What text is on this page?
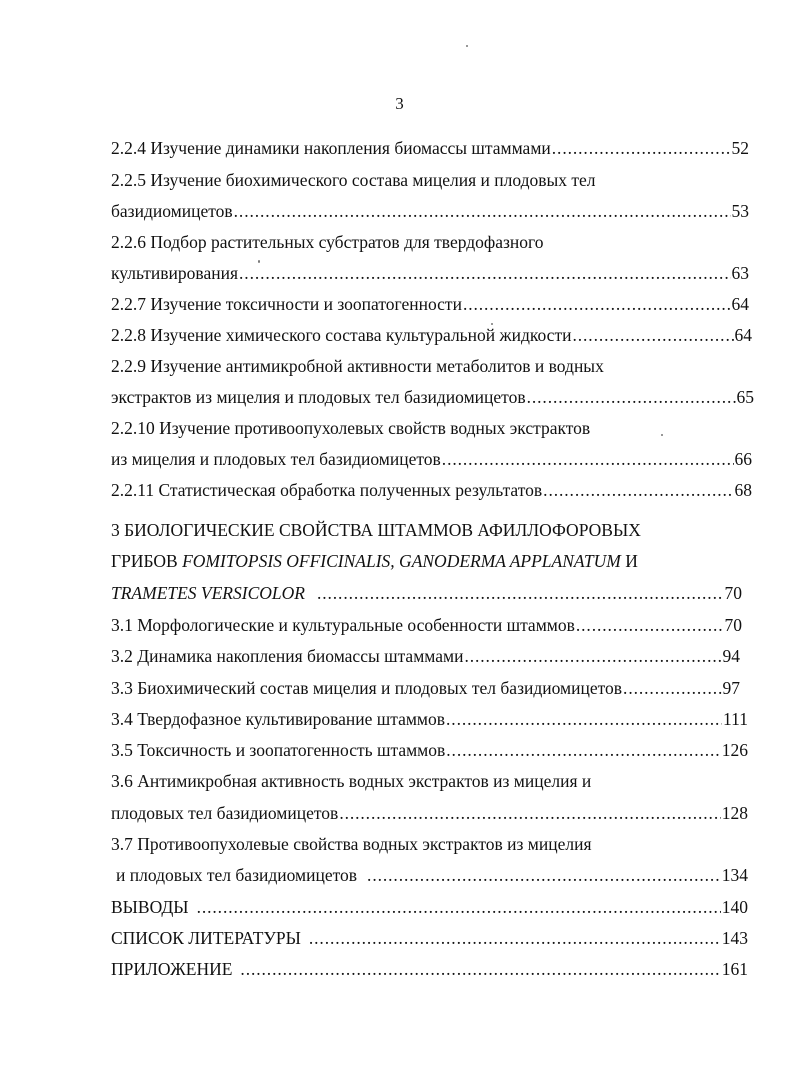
3
2.2.4 Изучение динамики накопления биомассы штаммами .....	52
2.2.5 Изучение биохимического состава мицелия и плодовых тел
базидиомицетов .....	53
2.2.6 Подбор растительных субстратов для твердофазного
культивирования .....	63
2.2.7 Изучение токсичности и зоопатогенности .....	64
2.2.8 Изучение химического состава культуральной жидкости .....	64
2.2.9 Изучение антимикробной активности метаболитов и водных
экстрактов из мицелия и плодовых тел базидиомицетов .....	65
2.2.10 Изучение противоопухолевых свойств водных экстрактов
из мицелия и плодовых тел базидиомицетов .....	66
2.2.11 Статистическая обработка полученных результатов .....	68
3 БИОЛОГИЧЕСКИЕ СВОЙСТВА ШТАММОВ АФИЛЛОФОРОВЫХ
ГРИБОВ FOMITOPSIS OFFICINALIS, GANODERMA APPLANATUM И
TRAMETES VERSICOLOR .....	70
3.1 Морфологические и культуральные особенности штаммов .....	70
3.2 Динамика накопления биомассы штаммами .....	94
3.3 Биохимический состав мицелия и плодовых тел базидиомицетов .....	97
3.4 Твердофазное культивирование штаммов .....	111
3.5 Токсичность и зоопатогенность штаммов .....	126
3.6 Антимикробная активность водных экстрактов из мицелия и
плодовых тел базидиомицетов .....	128
3.7 Противоопухолевые свойства водных экстрактов из мицелия
и плодовых тел базидиомицетов .....	134
ВЫВОДЫ .....	140
СПИСОК ЛИТЕРАТУРЫ .....	143
ПРИЛОЖЕНИЕ .....	161
